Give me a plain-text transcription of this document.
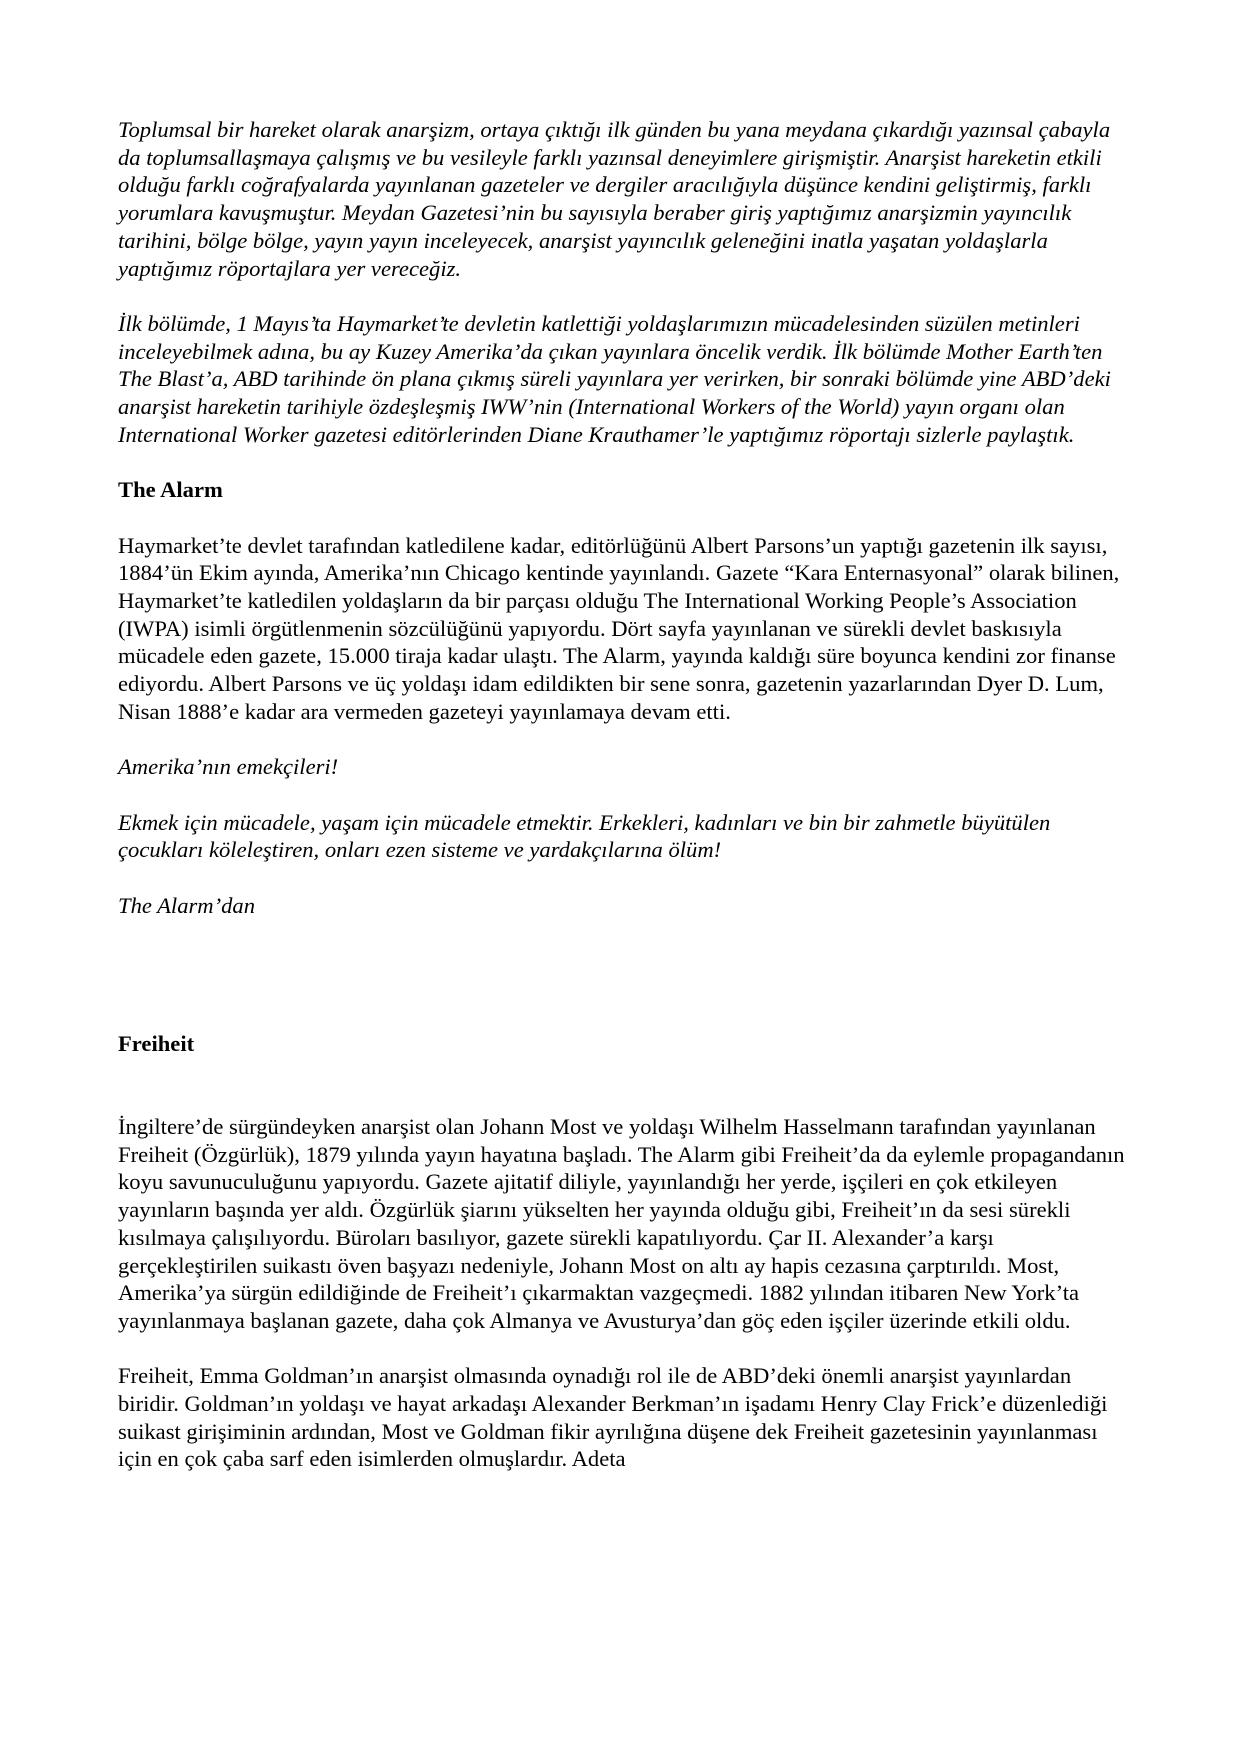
Toplumsal bir hareket olarak anarşizm, ortaya çıktığı ilk günden bu yana meydana çıkardığı yazınsal çabayla da toplumsallaşmaya çalışmış ve bu vesileyle farklı yazınsal deneyimlere girişmiştir. Anarşist hareketin etkili olduğu farklı coğrafyalarda yayınlanan gazeteler ve dergiler aracılığıyla düşünce kendini geliştirmiş, farklı yorumlara kavuşmuştur. Meydan Gazetesi’nin bu sayısıyla beraber giriş yaptığımız anarşizmin yayıncılık tarihini, bölge bölge, yayın yayın inceleyecek, anarşist yayıncılık geleneğini inatla yaşatan yoldaşlarla yaptığımız röportajlara yer vereceğiz.

İlk bölümde, 1 Mayıs’ta Haymarket’te devletin katlettiği yoldaşlarımızın mücadelesinden süzülen metinleri inceleyebilmek adına, bu ay Kuzey Amerika’da çıkan yayınlara öncelik verdik. İlk bölümde Mother Earth’ten The Blast’a, ABD tarihinde ön plana çıkmış süreli yayınlara yer verirken, bir sonraki bölümde yine ABD’deki anarşist hareketin tarihiyle özdeşleşmiş IWW’nin (International Workers of the World) yayın organı olan International Worker gazetesi editörlerinden Diane Krauthamer’le yaptığımız röportajı sizlerle paylaştık.

The Alarm

Haymarket’te devlet tarafından katledilene kadar, editörlüğünü Albert Parsons’un yaptığı gazetenin ilk sayısı, 1884’ün Ekim ayında, Amerika’nın Chicago kentinde yayınlandı. Gazete “Kara Enternasyonal” olarak bilinen, Haymarket’te katledilen yoldaşların da bir parçası olduğu The International Working People’s Association (IWPA) isimli örgütlenmenin sözcülüğünü yapıyordu. Dört sayfa yayınlanan ve sürekli devlet baskısıyla mücadele eden gazete, 15.000 tiraja kadar ulaştı. The Alarm, yayında kaldığı süre boyunca kendini zor finanse ediyordu. Albert Parsons ve üç yoldaşı idam edildikten bir sene sonra, gazetenin yazarlarından Dyer D. Lum, Nisan 1888’e kadar ara vermeden gazeteyi yayınlamaya devam etti.

Amerika’nın emekçileri!

Ekmek için mücadele, yaşam için mücadele etmektir. Erkekleri, kadınları ve bin bir zahmetle büyütülen çocukları köleleştiren, onları ezen sisteme ve yardakçılarına ölüm!

The Alarm’dan

Freiheit

İngiltere’de sürgündeyken anarşist olan Johann Most ve yoldaşı Wilhelm Hasselmann tarafından yayınlanan Freiheit (Özgürlük), 1879 yılında yayın hayatına başladı. The Alarm gibi Freiheit’da da eylemle propagandanın koyu savunuculuğunu yapıyordu. Gazete ajitatif diliyle, yayınlandığı her yerde, işçileri en çok etkileyen yayınların başında yer aldı. Özgürlük şiarını yükselten her yayında olduğu gibi, Freiheit’ın da sesi sürekli kısılmaya çalışılıyordu. Büroları basılıyor, gazete sürekli kapatılıyordu. Çar II. Alexander’a karşı gerçekleştirilen suikastı öven başyazı nedeniyle, Johann Most on altı ay hapis cezasına çarptırıldı. Most, Amerika’ya sürgün edildiğinde de Freiheit’ı çıkarmaktan vazgeçmedi. 1882 yılından itibaren New York’ta yayınlanmaya başlanan gazete, daha çok Almanya ve Avusturya’dan göç eden işçiler üzerinde etkili oldu.

Freiheit, Emma Goldman’ın anarşist olmasında oynadığı rol ile de ABD’deki önemli anarşist yayınlardan biridir. Goldman’ın yoldaşı ve hayat arkadaşı Alexander Berkman’ın işadamı Henry Clay Frick’e düzenlediği suikast girişiminin ardından, Most ve Goldman fikir ayrılığına düşene dek Freiheit gazetesinin yayınlanması için en çok çaba sarf eden isimlerden olmuşlardır. Adeta
